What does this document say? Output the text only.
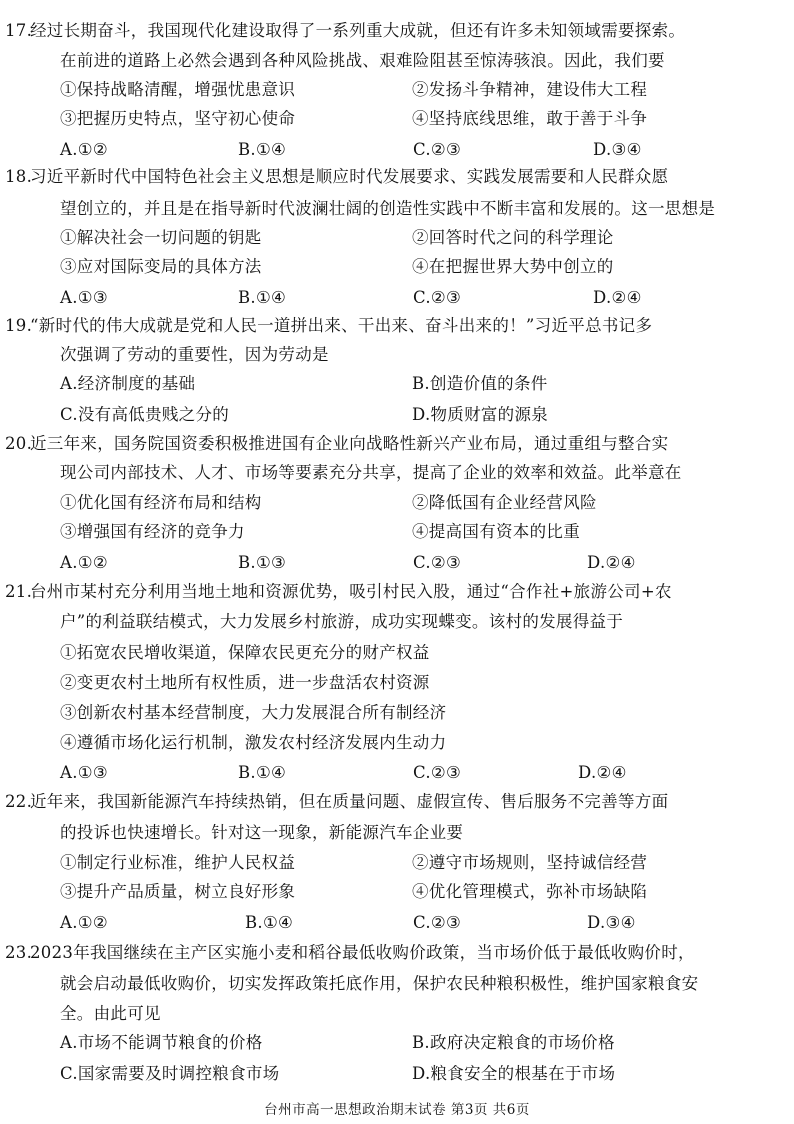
17.
经过长期奋斗，我国现代化建设取得了一系列重大成就，但还有许多未知领域需要探索。
在前进的道路上必然会遇到各种风险挑战、艰难险阻甚至惊涛骇浪。因此，我们要
①保持战略清醒，增强忧患意识	②发扬斗争精神，建设伟大工程
③把握历史特点，坚守初心使命	④坚持底线思维，敢于善于斗争
A.①②	B.①④	C.②③	D.③④
18.
习近平新时代中国特色社会主义思想是顺应时代发展要求、实践发展需要和人民群众愿
望创立的，并且是在指导新时代波澜壮阔的创造性实践中不断丰富和发展的。这一思想是
①解决社会一切问题的钥匙	②回答时代之问的科学理论
③应对国际变局的具体方法	④在把握世界大势中创立的
A.①③	B.①④	C.②③	D.②④
19.
“新时代的伟大成就是党和人民一道拼出来、干出来、奋斗出来的！”习近平总书记多
次强调了劳动的重要性，因为劳动是
A.经济制度的基础	B.创造价值的条件
C.没有高低贵贱之分的	D.物质财富的源泉
20.
近三年来，国务院国资委积极推进国有企业向战略性新兴产业布局，通过重组与整合实
现公司内部技术、人才、市场等要素充分共享，提高了企业的效率和效益。此举意在
①优化国有经济布局和结构	②降低国有企业经营风险
③增强国有经济的竞争力	④提高国有资本的比重
A.①②	B.①③	C.②③	D.②④
21.
台州市某村充分利用当地土地和资源优势，吸引村民入股，通过“合作社+旅游公司+农
户”的利益联结模式，大力发展乡村旅游，成功实现蝶变。该村的发展得益于
①拓宽农民增收渠道，保障农民更充分的财产权益
②变更农村土地所有权性质，进一步盘活农村资源
③创新农村基本经营制度，大力发展混合所有制经济
④遵循市场化运行机制，激发农村经济发展内生动力
A.①③	B.①④	C.②③	D.②④
22.
近年来，我国新能源汽车持续热销，但在质量问题、虚假宣传、售后服务不完善等方面
的投诉也快速增长。针对这一现象，新能源汽车企业要
①制定行业标准，维护人民权益	②遵守市场规则，坚持诚信经营
③提升产品质量，树立良好形象	④优化管理模式，弥补市场缺陷
A.①②	B.①④	C.②③	D.③④
23.
2023年我国继续在主产区实施小麦和稻谷最低收购价政策，当市场价低于最低收购价时，
就会启动最低收购价，切实发挥政策托底作用，保护农民种粮积极性，维护国家粮食安
全。由此可见
A.市场不能调节粮食的价格	B.政府决定粮食的市场价格
C.国家需要及时调控粮食市场	D.粮食安全的根基在于市场
台州市高一思想政治期末试卷 第3页 共6页
